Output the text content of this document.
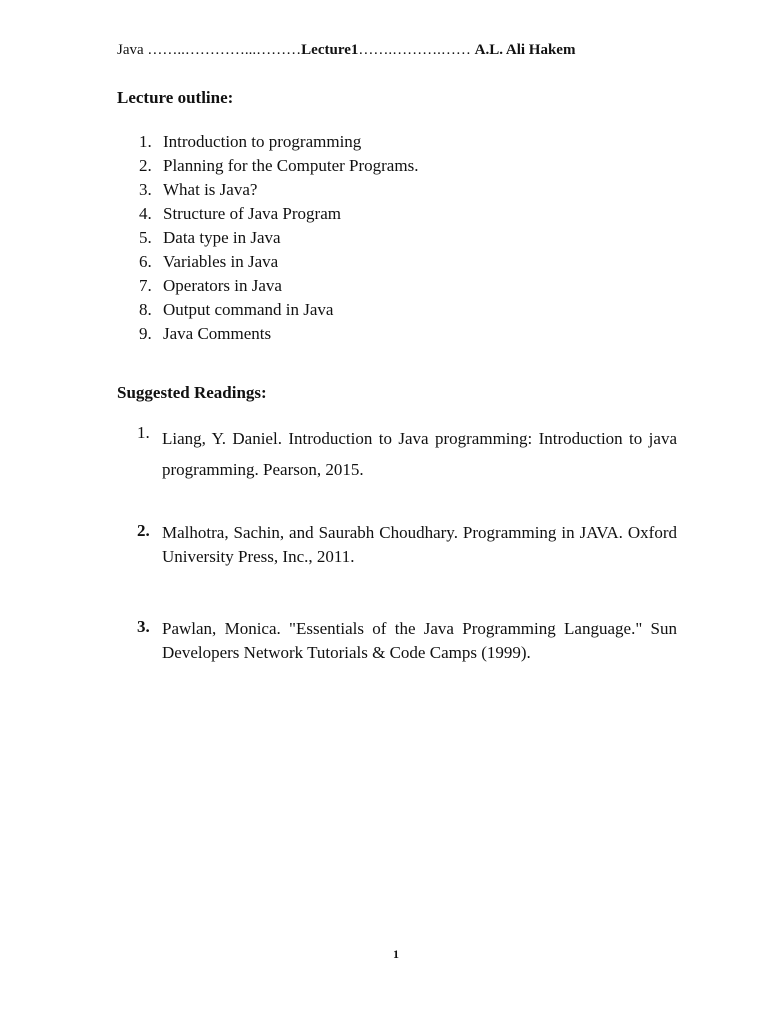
Java ……..…………...………Lecture1…….……….…… A.L. Ali Hakem
Lecture outline:
1. Introduction to programming
2. Planning for the Computer Programs.
3. What is Java?
4. Structure of Java Program
5. Data type in Java
6. Variables in Java
7. Operators in Java
8. Output command in Java
9. Java Comments
Suggested Readings:
1. Liang, Y. Daniel. Introduction to Java programming: Introduction to java programming. Pearson, 2015.
2. Malhotra, Sachin, and Saurabh Choudhary. Programming in JAVA. Oxford University Press, Inc., 2011.
3. Pawlan, Monica. "Essentials of the Java Programming Language." Sun Developers Network Tutorials & Code Camps (1999).
1
